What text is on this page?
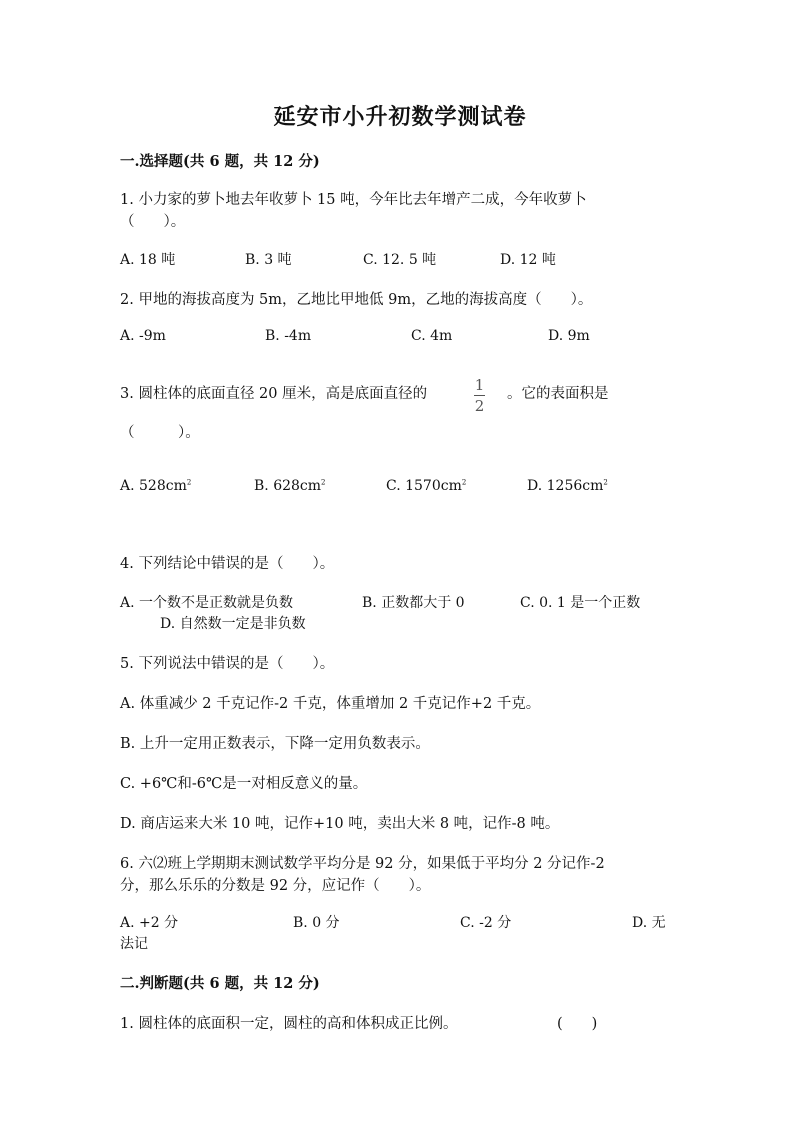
延安市小升初数学测试卷
一.选择题(共 6 题，共 12 分)
1. 小力家的萝卜地去年收萝卜 15 吨，今年比去年增产二成，今年收萝卜
（　　）。
A. 18 吨	B. 3 吨	C. 12. 5 吨	D. 12 吨
2. 甲地的海拔高度为 5m，乙地比甲地低 9m，乙地的海拔高度（　　）。
A. -9m	B. -4m	C. 4m	D. 9m
3. 圆柱体的底面直径 20 厘米，高是底面直径的	$\frac{1}{2}$ 。它的表面积是
（　　　）。
A. $528cm^2$	B. $628cm^2$	C. $1570cm^2$	D. $1256cm^2$
4. 下列结论中错误的是（　　）。
A. 一个数不是正数就是负数	B. 正数都大于 0	C. 0. 1 是一个正数
D. 自然数一定是非负数
5. 下列说法中错误的是（　　）。
A. 体重减少 2 千克记作-2 千克，体重增加 2 千克记作+2 千克。
B. 上升一定用正数表示，下降一定用负数表示。
C. +6℃和-6℃是一对相反意义的量。
D. 商店运来大米 10 吨，记作+10 吨，卖出大米 8 吨，记作-8 吨。
6. 六⑵班上学期期末测试数学平均分是 92 分，如果低于平均分 2 分记作-2
分，那么乐乐的分数是 92 分，应记作（　　）。
A. +2 分	B. 0 分	C. -2 分	D. 无
法记
二.判断题(共 6 题，共 12 分)
1. 圆柱体的底面积一定，圆柱的高和体积成正比例。	(　　)
